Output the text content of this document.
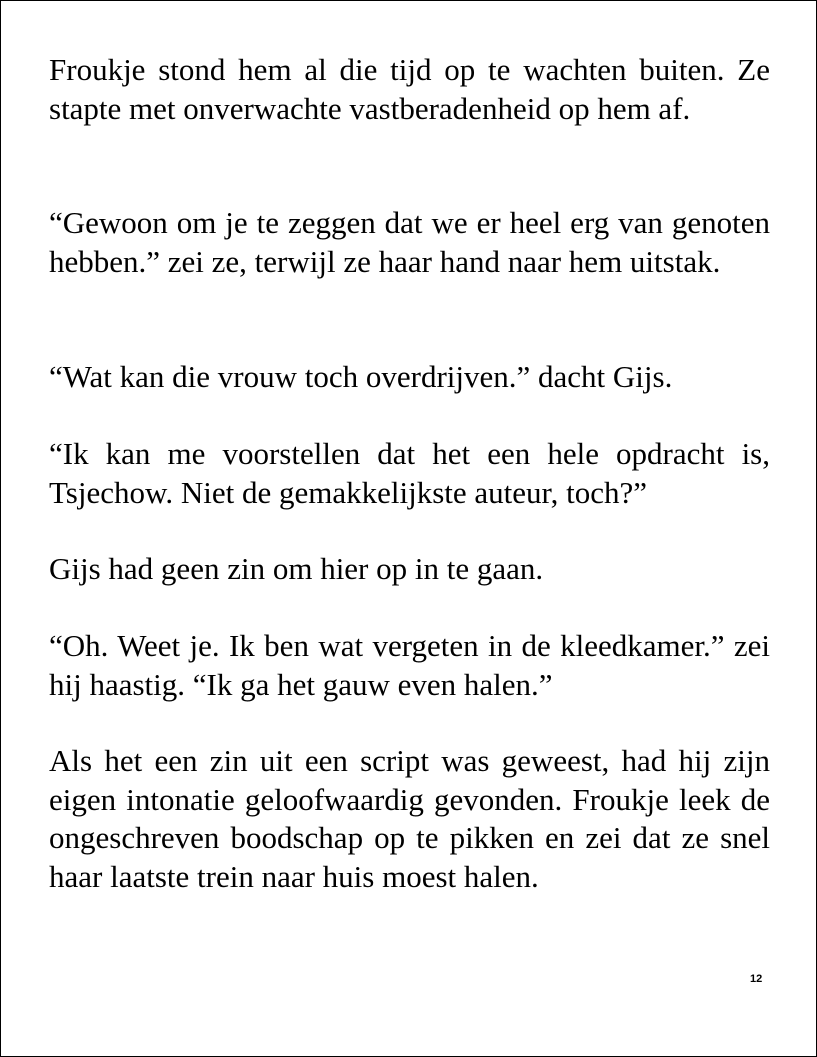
Froukje stond hem al die tijd op te wachten buiten. Ze stapte met onverwachte vastberadenheid op hem af.

“Gewoon om je te zeggen dat we er heel erg van genoten hebben.” zei ze, terwijl ze haar hand naar hem uitstak.

“Wat kan die vrouw toch overdrijven.” dacht Gijs.

“Ik kan me voorstellen dat het een hele opdracht is, Tsjechow. Niet de gemakkelijkste auteur, toch?”

Gijs had geen zin om hier op in te gaan.

“Oh. Weet je. Ik ben wat vergeten in de kleedkamer.” zei hij haastig. “Ik ga het gauw even halen.”

Als het een zin uit een script was geweest, had hij zijn eigen intonatie geloofwaardig gevonden. Froukje leek de ongeschreven boodschap op te pikken en zei dat ze snel haar laatste trein naar huis moest halen.

12
